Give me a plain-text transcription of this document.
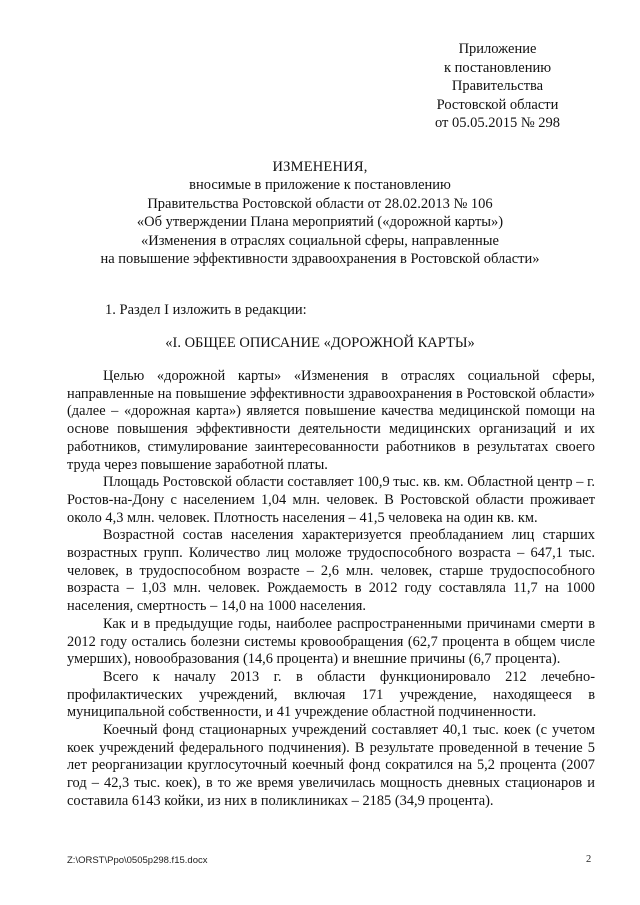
Приложение
к постановлению
Правительства
Ростовской области
от 05.05.2015 № 298
ИЗМЕНЕНИЯ,
вносимые в приложение к постановлению
Правительства Ростовской области от 28.02.2013 № 106
«Об утверждении Плана мероприятий («дорожной карты»)
«Изменения в отраслях социальной сферы, направленные
на повышение эффективности здравоохранения в Ростовской области»
1. Раздел I изложить в редакции:
«I. ОБЩЕЕ ОПИСАНИЕ «ДОРОЖНОЙ КАРТЫ»

Целью «дорожной карты» «Изменения в отраслях социальной сферы, направленные на повышение эффективности здравоохранения в Ростовской области» (далее – «дорожная карта») является повышение качества медицинской помощи на основе повышения эффективности деятельности медицинских организаций и их работников, стимулирование заинтересованности работников в результатах своего труда через повышение заработной платы.

Площадь Ростовской области составляет 100,9 тыс. кв. км. Областной центр – г. Ростов-на-Дону с населением 1,04 млн. человек. В Ростовской области проживает около 4,3 млн. человек. Плотность населения – 41,5 человека на один кв. км.

Возрастной состав населения характеризуется преобладанием лиц старших возрастных групп. Количество лиц моложе трудоспособного возраста – 647,1 тыс. человек, в трудоспособном возрасте – 2,6 млн. человек, старше трудоспособного возраста – 1,03 млн. человек. Рождаемость в 2012 году составляла 11,7 на 1000 населения, смертность – 14,0 на 1000 населения.

Как и в предыдущие годы, наиболее распространенными причинами смерти в 2012 году остались болезни системы кровообращения (62,7 процента в общем числе умерших), новообразования (14,6 процента) и внешние причины (6,7 процента).

Всего к началу 2013 г. в области функционировало 212 лечебно-профилактических учреждений, включая 171 учреждение, находящееся в муниципальной собственности, и 41 учреждение областной подчиненности.

Коечный фонд стационарных учреждений составляет 40,1 тыс. коек (с учетом коек учреждений федерального подчинения). В результате проведенной в течение 5 лет реорганизации круглосуточный коечный фонд сократился на 5,2 процента (2007 год – 42,3 тыс. коек), в то же время увеличилась мощность дневных стационаров и составила 6143 койки, из них в поликлиниках – 2185 (34,9 процента).

Z:\ORST\Ppo\0505p298.f15.docx	2
